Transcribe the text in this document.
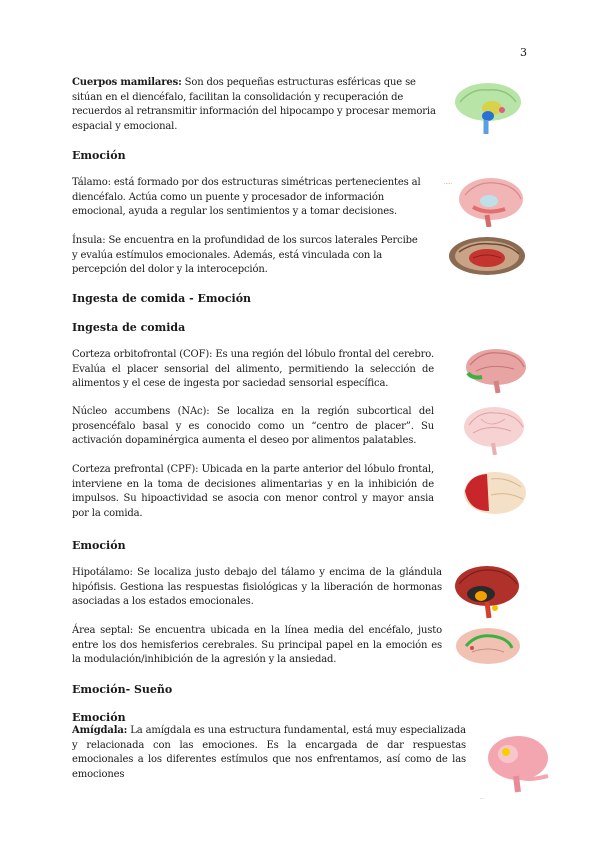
3
Cuerpos mamilares: Son dos pequeñas estructuras esféricas que se sitúan en el diencéfalo, facilitan la consolidación y recuperación de recuerdos al retransmitir información del hipocampo y procesar memoria espacial y emocional.
Emoción
Tálamo: está formado por dos estructuras simétricas pertenecientes al diencéfalo. Actúa como un puente y procesador de información emocional, ayuda a regular los sentimientos y a tomar decisiones.
·····
Ínsula: Se encuentra en la profundidad de los surcos laterales Percibe y evalúa estímulos emocionales. Además, está vinculada con la percepción del dolor y la interocepción.
Ingesta de comida - Emoción
Ingesta de comida
Corteza orbitofrontal (COF): Es una región del lóbulo frontal del cerebro. Evalúa el placer sensorial del alimento, permitiendo la selección de alimentos y el cese de ingesta por saciedad sensorial específica.
Núcleo accumbens (NAc): Se localiza en la región subcortical del prosencéfalo basal y es conocido como un “centro de placer”. Su activación dopaminérgica aumenta el deseo por alimentos palatables.
Corteza prefrontal (CPF): Ubicada en la parte anterior del lóbulo frontal, interviene en la toma de decisiones alimentarias y en la inhibición de impulsos. Su hipoactividad se asocia con menor control y mayor ansia por la comida.
Emoción
Hipotálamo: Se localiza justo debajo del tálamo y encima de la glándula hipófisis. Gestiona las respuestas fisiológicas y la liberación de hormonas asociadas a los estados emocionales.
Área septal: Se encuentra ubicada en la línea media del encéfalo, justo entre los dos hemisferios cerebrales. Su principal papel en la emoción es la modulación/inhibición de la agresión y la ansiedad.
Emoción- Sueño
Emoción
Amígdala: La amígdala es una estructura fundamental, está muy especializada y relacionada con las emociones. Es la encargada de dar respuestas emocionales a los diferentes estímulos que nos enfrentamos, así como de las emociones
···
